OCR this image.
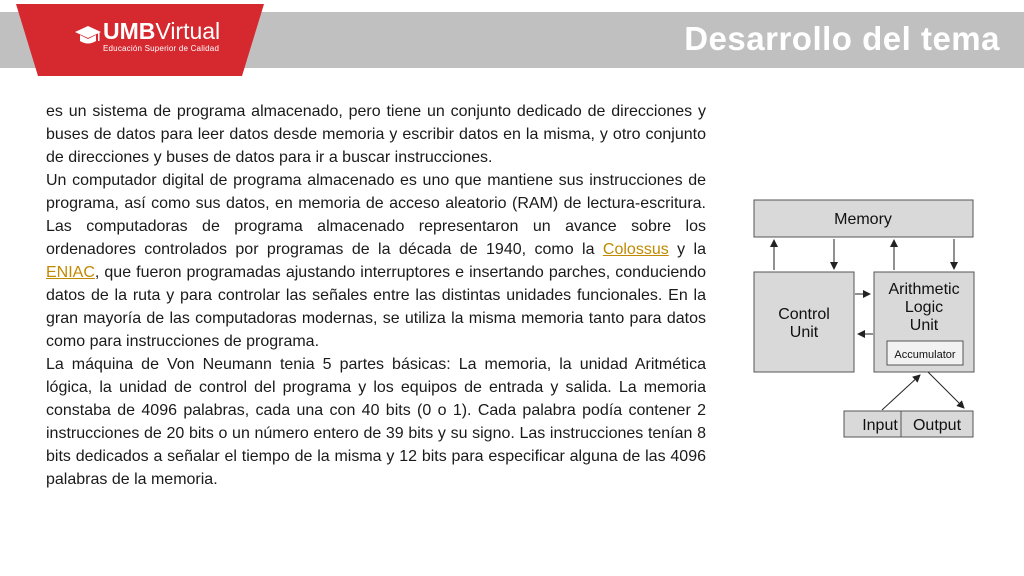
Desarrollo del tema
UMBVirtual
Educación Superior de Calidad

es un sistema de programa almacenado, pero tiene un conjunto dedicado de direcciones y buses de datos para leer datos desde memoria y escribir datos en la misma, y otro conjunto de direcciones y buses de datos para ir a buscar instrucciones.

Un computador digital de programa almacenado es uno que mantiene sus instrucciones de programa, así como sus datos, en memoria de acceso aleatorio (RAM) de lectura-escritura. Las computadoras de programa almacenado representaron un avance sobre los ordenadores controlados por programas de la década de 1940, como la Colossus y la ENIAC, que fueron programadas ajustando interruptores e insertando parches, conduciendo datos de la ruta y para controlar las señales entre las distintas unidades funcionales. En la gran mayoría de las computadoras modernas, se utiliza la misma memoria tanto para datos como para instrucciones de programa.

La máquina de Von Neumann tenia 5 partes básicas: La memoria, la unidad Aritmética lógica, la unidad de control del programa y los equipos de entrada y salida. La memoria constaba de 4096 palabras, cada una con 40 bits (0 o 1). Cada palabra podía contener 2 instrucciones de 20 bits o un número entero de 39 bits y su signo. Las instrucciones tenían 8 bits dedicados a señalar el tiempo de la misma y 12 bits para especificar alguna de las 4096 palabras de la memoria.

Memory
Control
Unit
Arithmetic
Logic
Unit
Accumulator
Input Output
